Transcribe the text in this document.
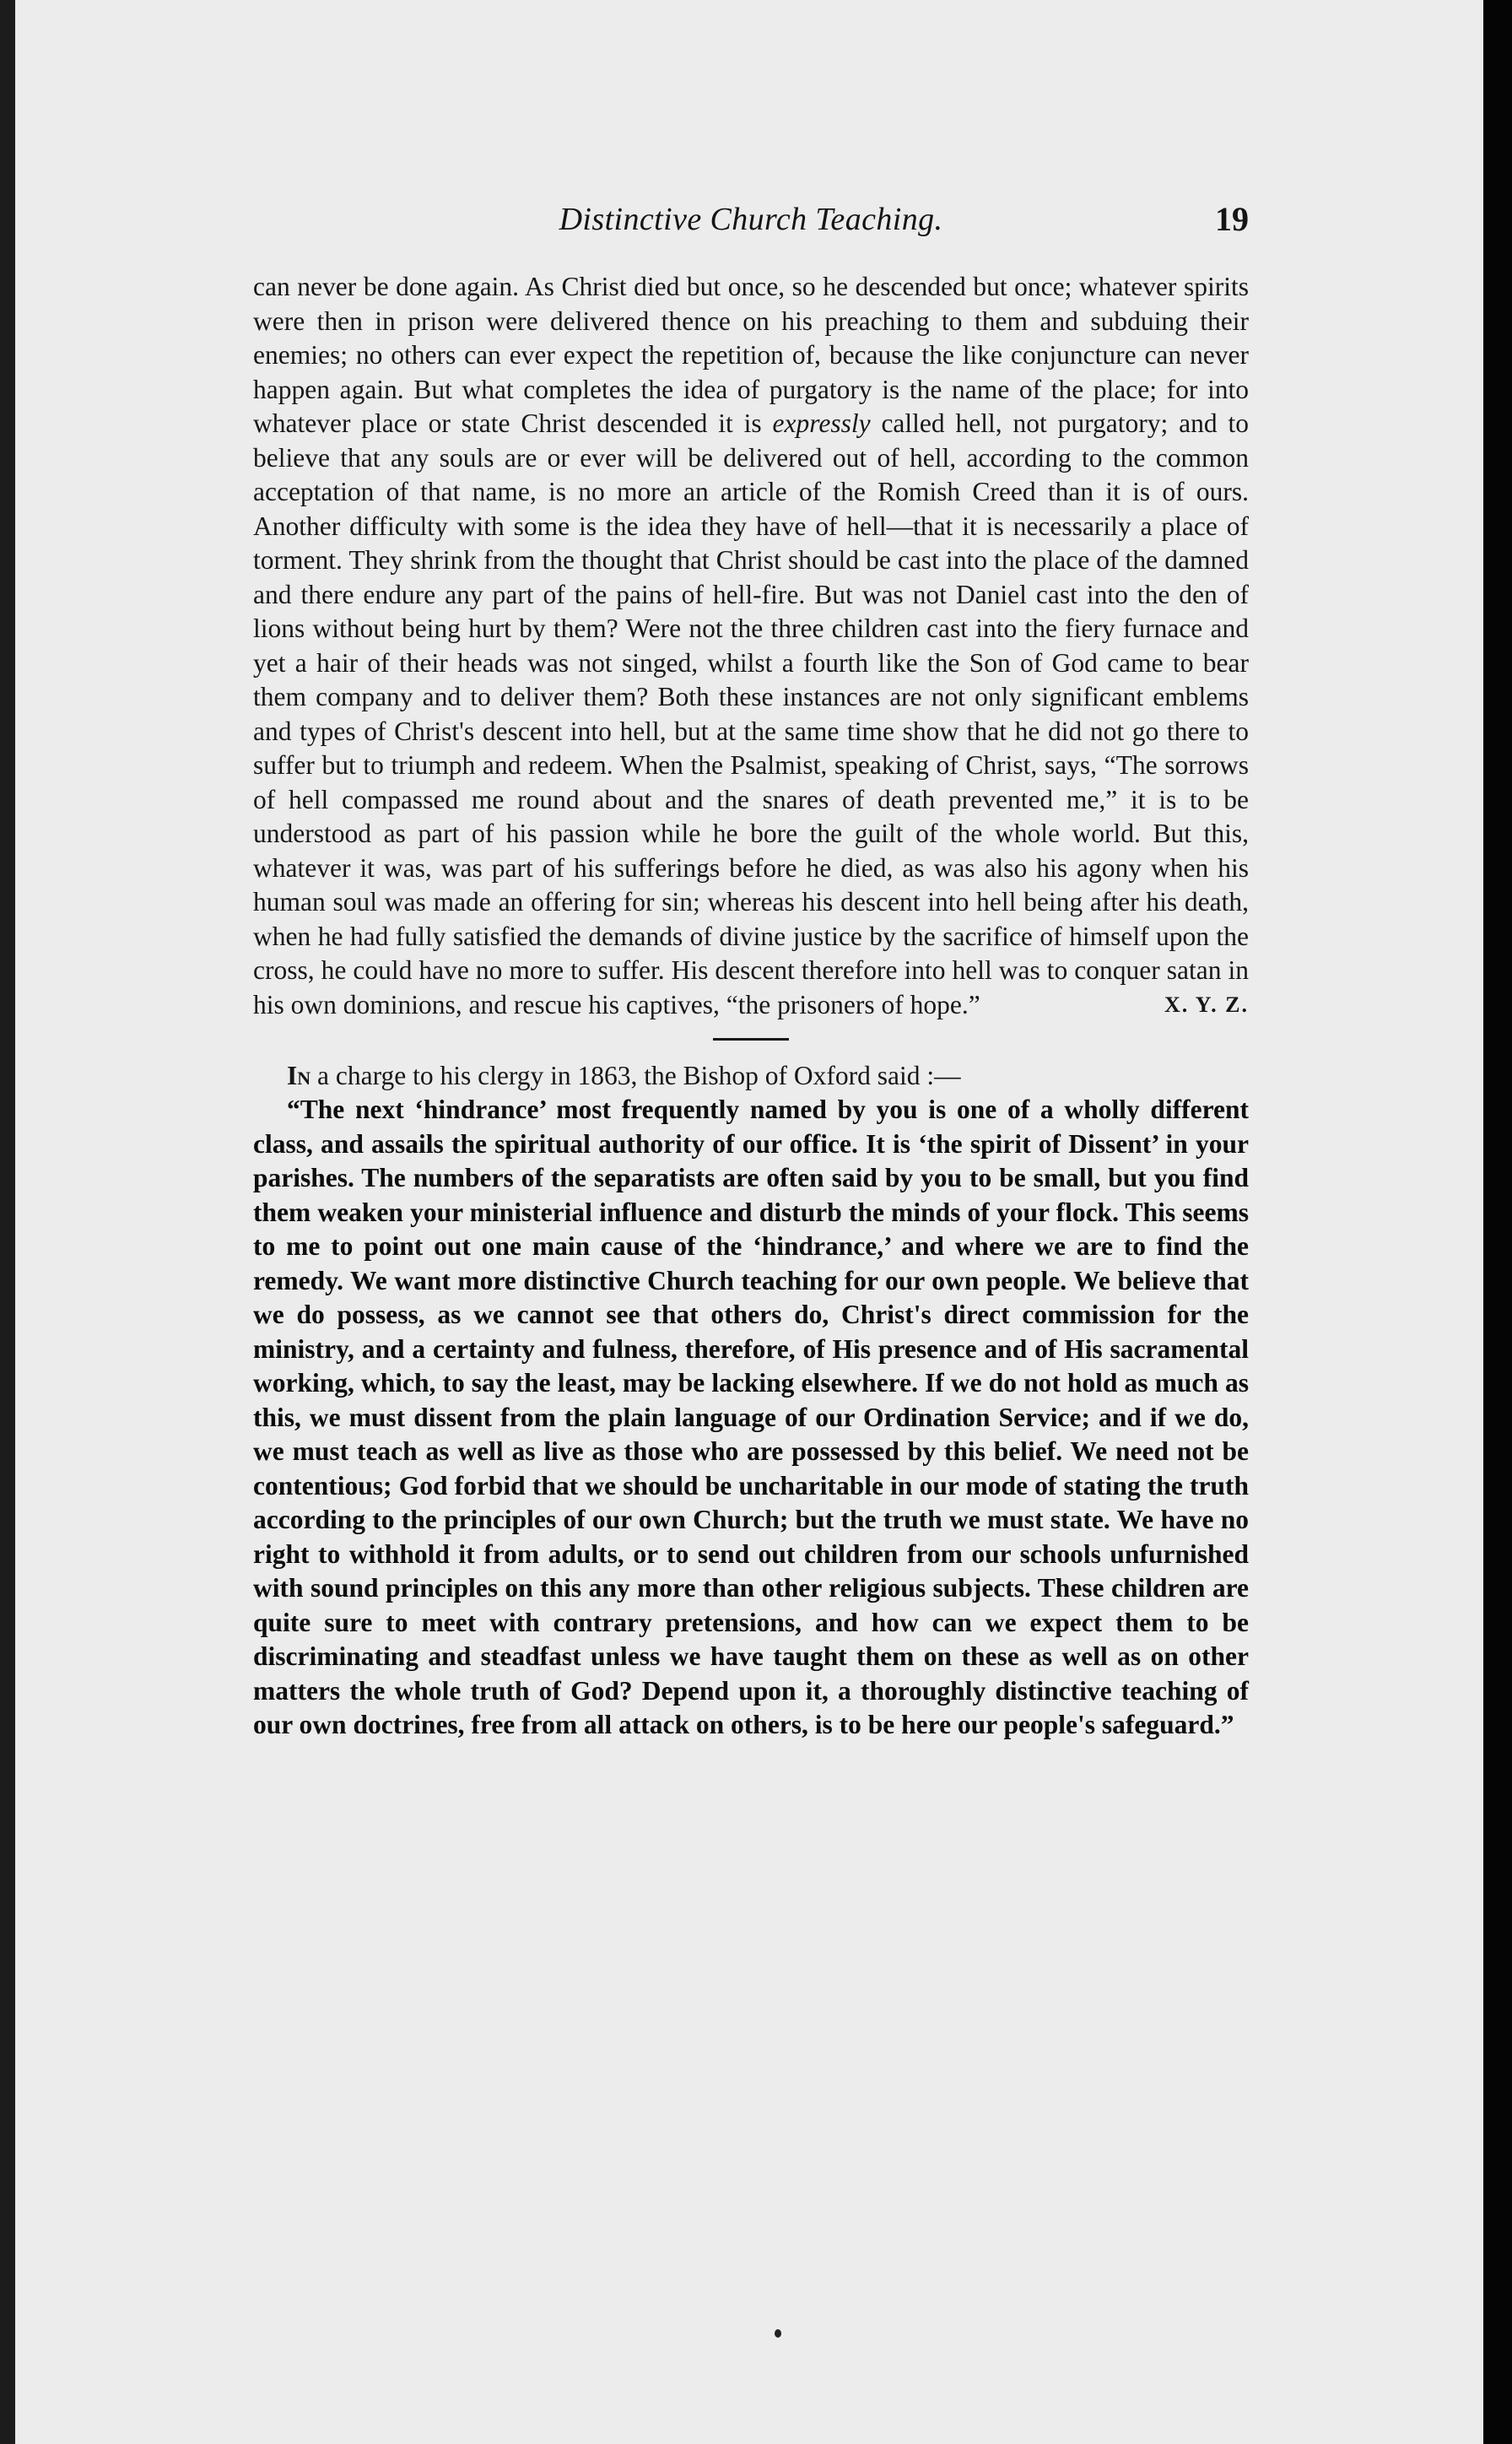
Distinctive Church Teaching.	19

can never be done again. As Christ died but once, so he descended but once; whatever spirits were then in prison were delivered thence on his preaching to them and subduing their enemies; no others can ever expect the repetition of, because the like conjuncture can never happen again. But what completes the idea of purgatory is the name of the place; for into whatever place or state Christ descended it is expressly called hell, not purgatory; and to believe that any souls are or ever will be delivered out of hell, according to the common acceptation of that name, is no more an article of the Romish Creed than it is of ours. Another difficulty with some is the idea they have of hell—that it is necessarily a place of torment. They shrink from the thought that Christ should be cast into the place of the damned and there endure any part of the pains of hell-fire. But was not Daniel cast into the den of lions without being hurt by them? Were not the three children cast into the fiery furnace and yet a hair of their heads was not singed, whilst a fourth like the Son of God came to bear them company and to deliver them? Both these instances are not only significant emblems and types of Christ's descent into hell, but at the same time show that he did not go there to suffer but to triumph and redeem. When the Psalmist, speaking of Christ, says, “The sorrows of hell compassed me round about and the snares of death prevented me,” it is to be understood as part of his passion while he bore the guilt of the whole world. But this, whatever it was, was part of his sufferings before he died, as was also his agony when his human soul was made an offering for sin; whereas his descent into hell being after his death, when he had fully satisfied the demands of divine justice by the sacrifice of himself upon the cross, he could have no more to suffer. His descent therefore into hell was to conquer satan in his own dominions, and rescue his captives, “the prisoners of hope.”	X. Y. Z.

In a charge to his clergy in 1863, the Bishop of Oxford said :—

“The next ‘hindrance’ most frequently named by you is one of a wholly different class, and assails the spiritual authority of our office. It is ‘the spirit of Dissent’ in your parishes. The numbers of the separatists are often said by you to be small, but you find them weaken your ministerial influence and disturb the minds of your flock. This seems to me to point out one main cause of the ‘hindrance,’ and where we are to find the remedy. We want more distinctive Church teaching for our own people. We believe that we do possess, as we cannot see that others do, Christ's direct commission for the ministry, and a certainty and fulness, therefore, of His presence and of His sacramental working, which, to say the least, may be lacking elsewhere. If we do not hold as much as this, we must dissent from the plain language of our Ordination Service; and if we do, we must teach as well as live as those who are possessed by this belief. We need not be contentious; God forbid that we should be uncharitable in our mode of stating the truth according to the principles of our own Church; but the truth we must state. We have no right to withhold it from adults, or to send out children from our schools unfurnished with sound principles on this any more than other religious subjects. These children are quite sure to meet with contrary pretensions, and how can we expect them to be discriminating and steadfast unless we have taught them on these as well as on other matters the whole truth of God? Depend upon it, a thoroughly distinctive teaching of our own doctrines, free from all attack on others, is to be here our people's safeguard.”
